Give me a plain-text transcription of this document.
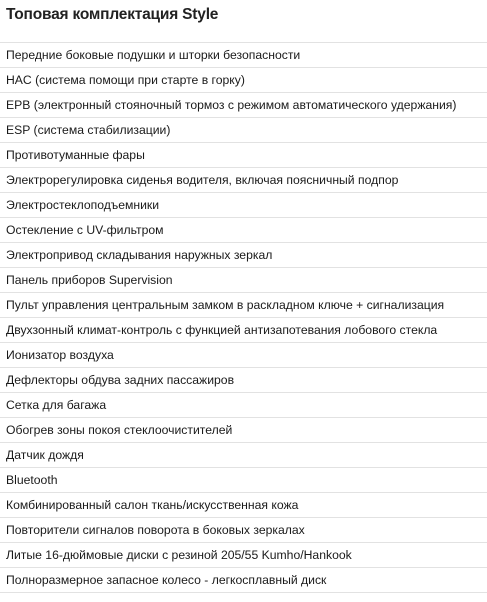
Топовая комплектация Style
Передние боковые подушки и шторки безопасности
HAC (система помощи при старте в горку)
EPB (электронный стояночный тормоз с режимом автоматического удержания)
ESP (система стабилизации)
Противотуманные фары
Электрорегулировка сиденья водителя, включая поясничный подпор
Электростеклоподъемники
Остекление с UV-фильтром
Электропривод складывания наружных зеркал
Панель приборов Supervision
Пульт управления центральным замком в раскладном ключе + сигнализация
Двухзонный климат-контроль с функцией антизапотевания лобового стекла
Ионизатор воздуха
Дефлекторы обдува задних пассажиров
Сетка для багажа
Обогрев зоны покоя стеклоочистителей
Датчик дождя
Bluetooth
Комбинированный салон ткань/искусственная кожа
Повторители сигналов поворота в боковых зеркалах
Литые 16-дюймовые диски с резиной 205/55 Kumho/Hankook
Полноразмерное запасное колесо - легкосплавный диск
